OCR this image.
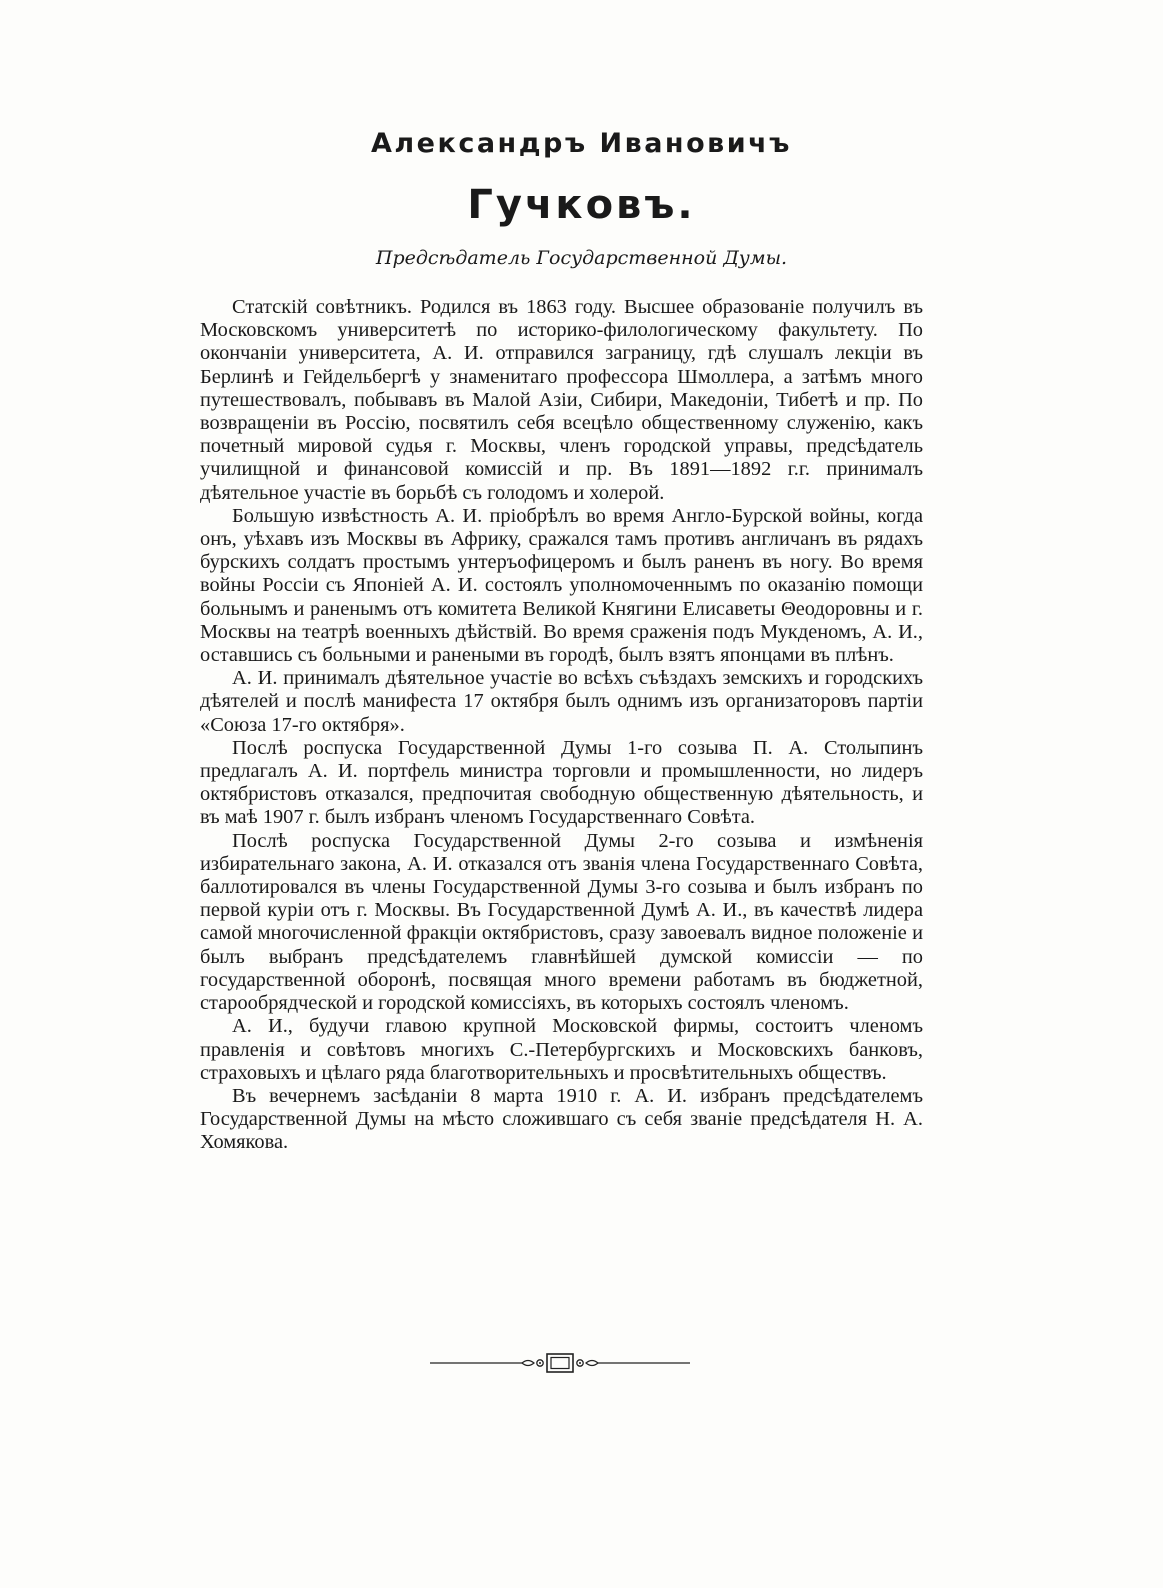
Александръ Ивановичъ
Гучковъ.
Предсѣдатель Государственной Думы.

Статскій совѣтникъ. Родился въ 1863 году. Высшее образованіе получилъ въ Московскомъ университетѣ по историко-филологическому факультету. По окончаніи университета, А. И. отправился заграницу, гдѣ слушалъ лекціи въ Берлинѣ и Гейдельбергѣ у знаменитаго профессора Шмоллера, а затѣмъ много путешествовалъ, побывавъ въ Малой Азіи, Сибири, Македоніи, Тибетѣ и пр. По возвращеніи въ Россію, посвятилъ себя всецѣло общественному служенію, какъ почетный мировой судья г. Москвы, членъ городской управы, предсѣдатель училищной и финансовой комиссій и пр. Въ 1891—1892 г.г. принималъ дѣятельное участіе въ борьбѣ съ голодомъ и холерой.

Большую извѣстность А. И. пріобрѣлъ во время Англо-Бурской войны, когда онъ, уѣхавъ изъ Москвы въ Африку, сражался тамъ противъ англичанъ въ рядахъ бурскихъ солдатъ простымъ унтеръофицеромъ и былъ раненъ въ ногу. Во время войны Россіи съ Японіей А. И. состоялъ уполномоченнымъ по оказанію помощи больнымъ и раненымъ отъ комитета Великой Княгини Елисаветы Θеодоровны и г. Москвы на театрѣ военныхъ дѣйствій. Во время сраженія подъ Мукденомъ, А. И., оставшись съ больными и ранеными въ городѣ, былъ взятъ японцами въ плѣнъ.

А. И. принималъ дѣятельное участіе во всѣхъ съѣздахъ земскихъ и городскихъ дѣятелей и послѣ манифеста 17 октября былъ однимъ изъ организаторовъ партіи «Союза 17-го октября».

Послѣ роспуска Государственной Думы 1-го созыва П. А. Столыпинъ предлагалъ А. И. портфель министра торговли и промышленности, но лидеръ октябристовъ отказался, предпочитая свободную общественную дѣятельность, и въ маѣ 1907 г. былъ избранъ членомъ Государственнаго Совѣта.

Послѣ роспуска Государственной Думы 2-го созыва и измѣненія избирательнаго закона, А. И. отказался отъ званія члена Государственнаго Совѣта, баллотировался въ члены Государственной Думы 3-го созыва и былъ избранъ по первой куріи отъ г. Москвы. Въ Государственной Думѣ А. И., въ качествѣ лидера самой многочисленной фракціи октябристовъ, сразу завоевалъ видное положеніе и былъ выбранъ предсѣдателемъ главнѣйшей думской комиссіи — по государственной оборонѣ, посвящая много времени работамъ въ бюджетной, старообрядческой и городской комиссіяхъ, въ которыхъ состоялъ членомъ.

А. И., будучи главою крупной Московской фирмы, состоитъ членомъ правленія и совѣтовъ многихъ С.-Петербургскихъ и Московскихъ банковъ, страховыхъ и цѣлаго ряда благотворительныхъ и просвѣтительныхъ обществъ.

Въ вечернемъ засѣданіи 8 марта 1910 г. А. И. избранъ предсѣдателемъ Государственной Думы на мѣсто сложившаго съ себя званіе предсѣдателя Н. А. Хомякова.
